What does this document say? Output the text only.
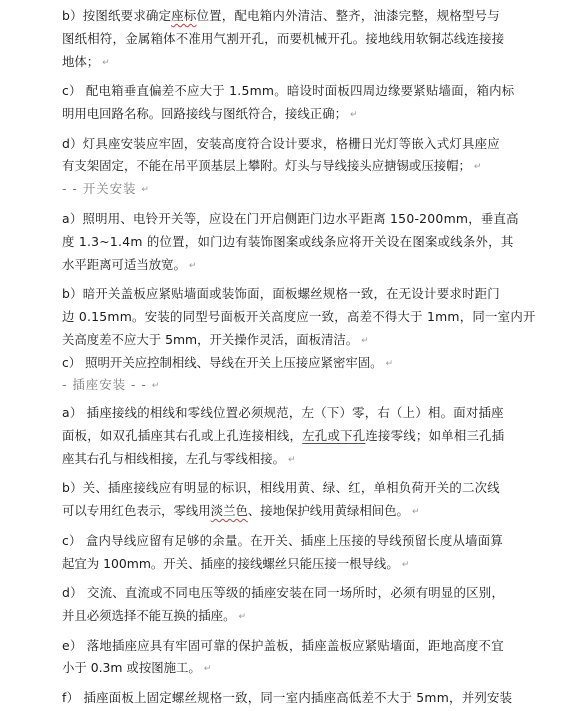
b）按图纸要求确定座标位置，配电箱内外清洁、整齐，油漆完整，规格型号与
图纸相符，金属箱体不准用气割开孔，而要机械开孔。接地线用软铜芯线连接接
地体； ↵
c） 配电箱垂直偏差不应大于 1.5mm。暗设时面板四周边缘要紧贴墙面，箱内标
明用电回路名称。回路接线与图纸符合，接线正确； ↵
d）灯具座安装应牢固，安装高度符合设计要求，格栅日光灯等嵌入式灯具座应
有支架固定，不能在吊平顶基层上攀附。灯头与导线接头应搪锡或压接帽； ↵
- - 开关安装 ↵
a）照明用、电铃开关等，应设在门开启侧距门边水平距离 150-200mm，垂直高
度 1.3~1.4m 的位置，如门边有装饰图案或线条应将开关设在图案或线条外，其
水平距离可适当放宽。 ↵
b）暗开关盖板应紧贴墙面或装饰面，面板螺丝规格一致，在无设计要求时距门
边 0.15mm。安装的同型号面板开关高度应一致，高差不得大于 1mm，同一室内开
关高度差不应大于 5mm，开关操作灵活，面板清洁。 ↵
c） 照明开关应控制相线、导线在开关上压接应紧密牢固。 ↵
- 插座安装 - - ↵
a） 插座接线的相线和零线位置必须规范，左（下）零，右（上）相。面对插座
面板，如双孔插座其右孔或上孔连接相线，左孔或下孔连接零线；如单相三孔插
座其右孔与相线相接，左孔与零线相接。 ↵
b）关、插座接线应有明显的标识，相线用黄、绿、红，单相负荷开关的二次线
可以专用红色表示，零线用淡兰色、接地保护线用黄绿相间色。 ↵
c） 盒内导线应留有足够的余量。在开关、插座上压接的导线预留长度从墙面算
起宜为 100mm。开关、插座的接线螺丝只能压接一根导线。 ↵
d） 交流、直流或不同电压等级的插座安装在同一场所时，必须有明显的区别，
并且必须选择不能互换的插座。 ↵
e） 落地插座应具有牢固可靠的保护盖板，插座盖板应紧贴墙面，距地高度不宜
小于 0.3m 或按图施工。 ↵
f） 插座面板上固定螺丝规格一致，同一室内插座高低差不大于 5mm，并列安装
